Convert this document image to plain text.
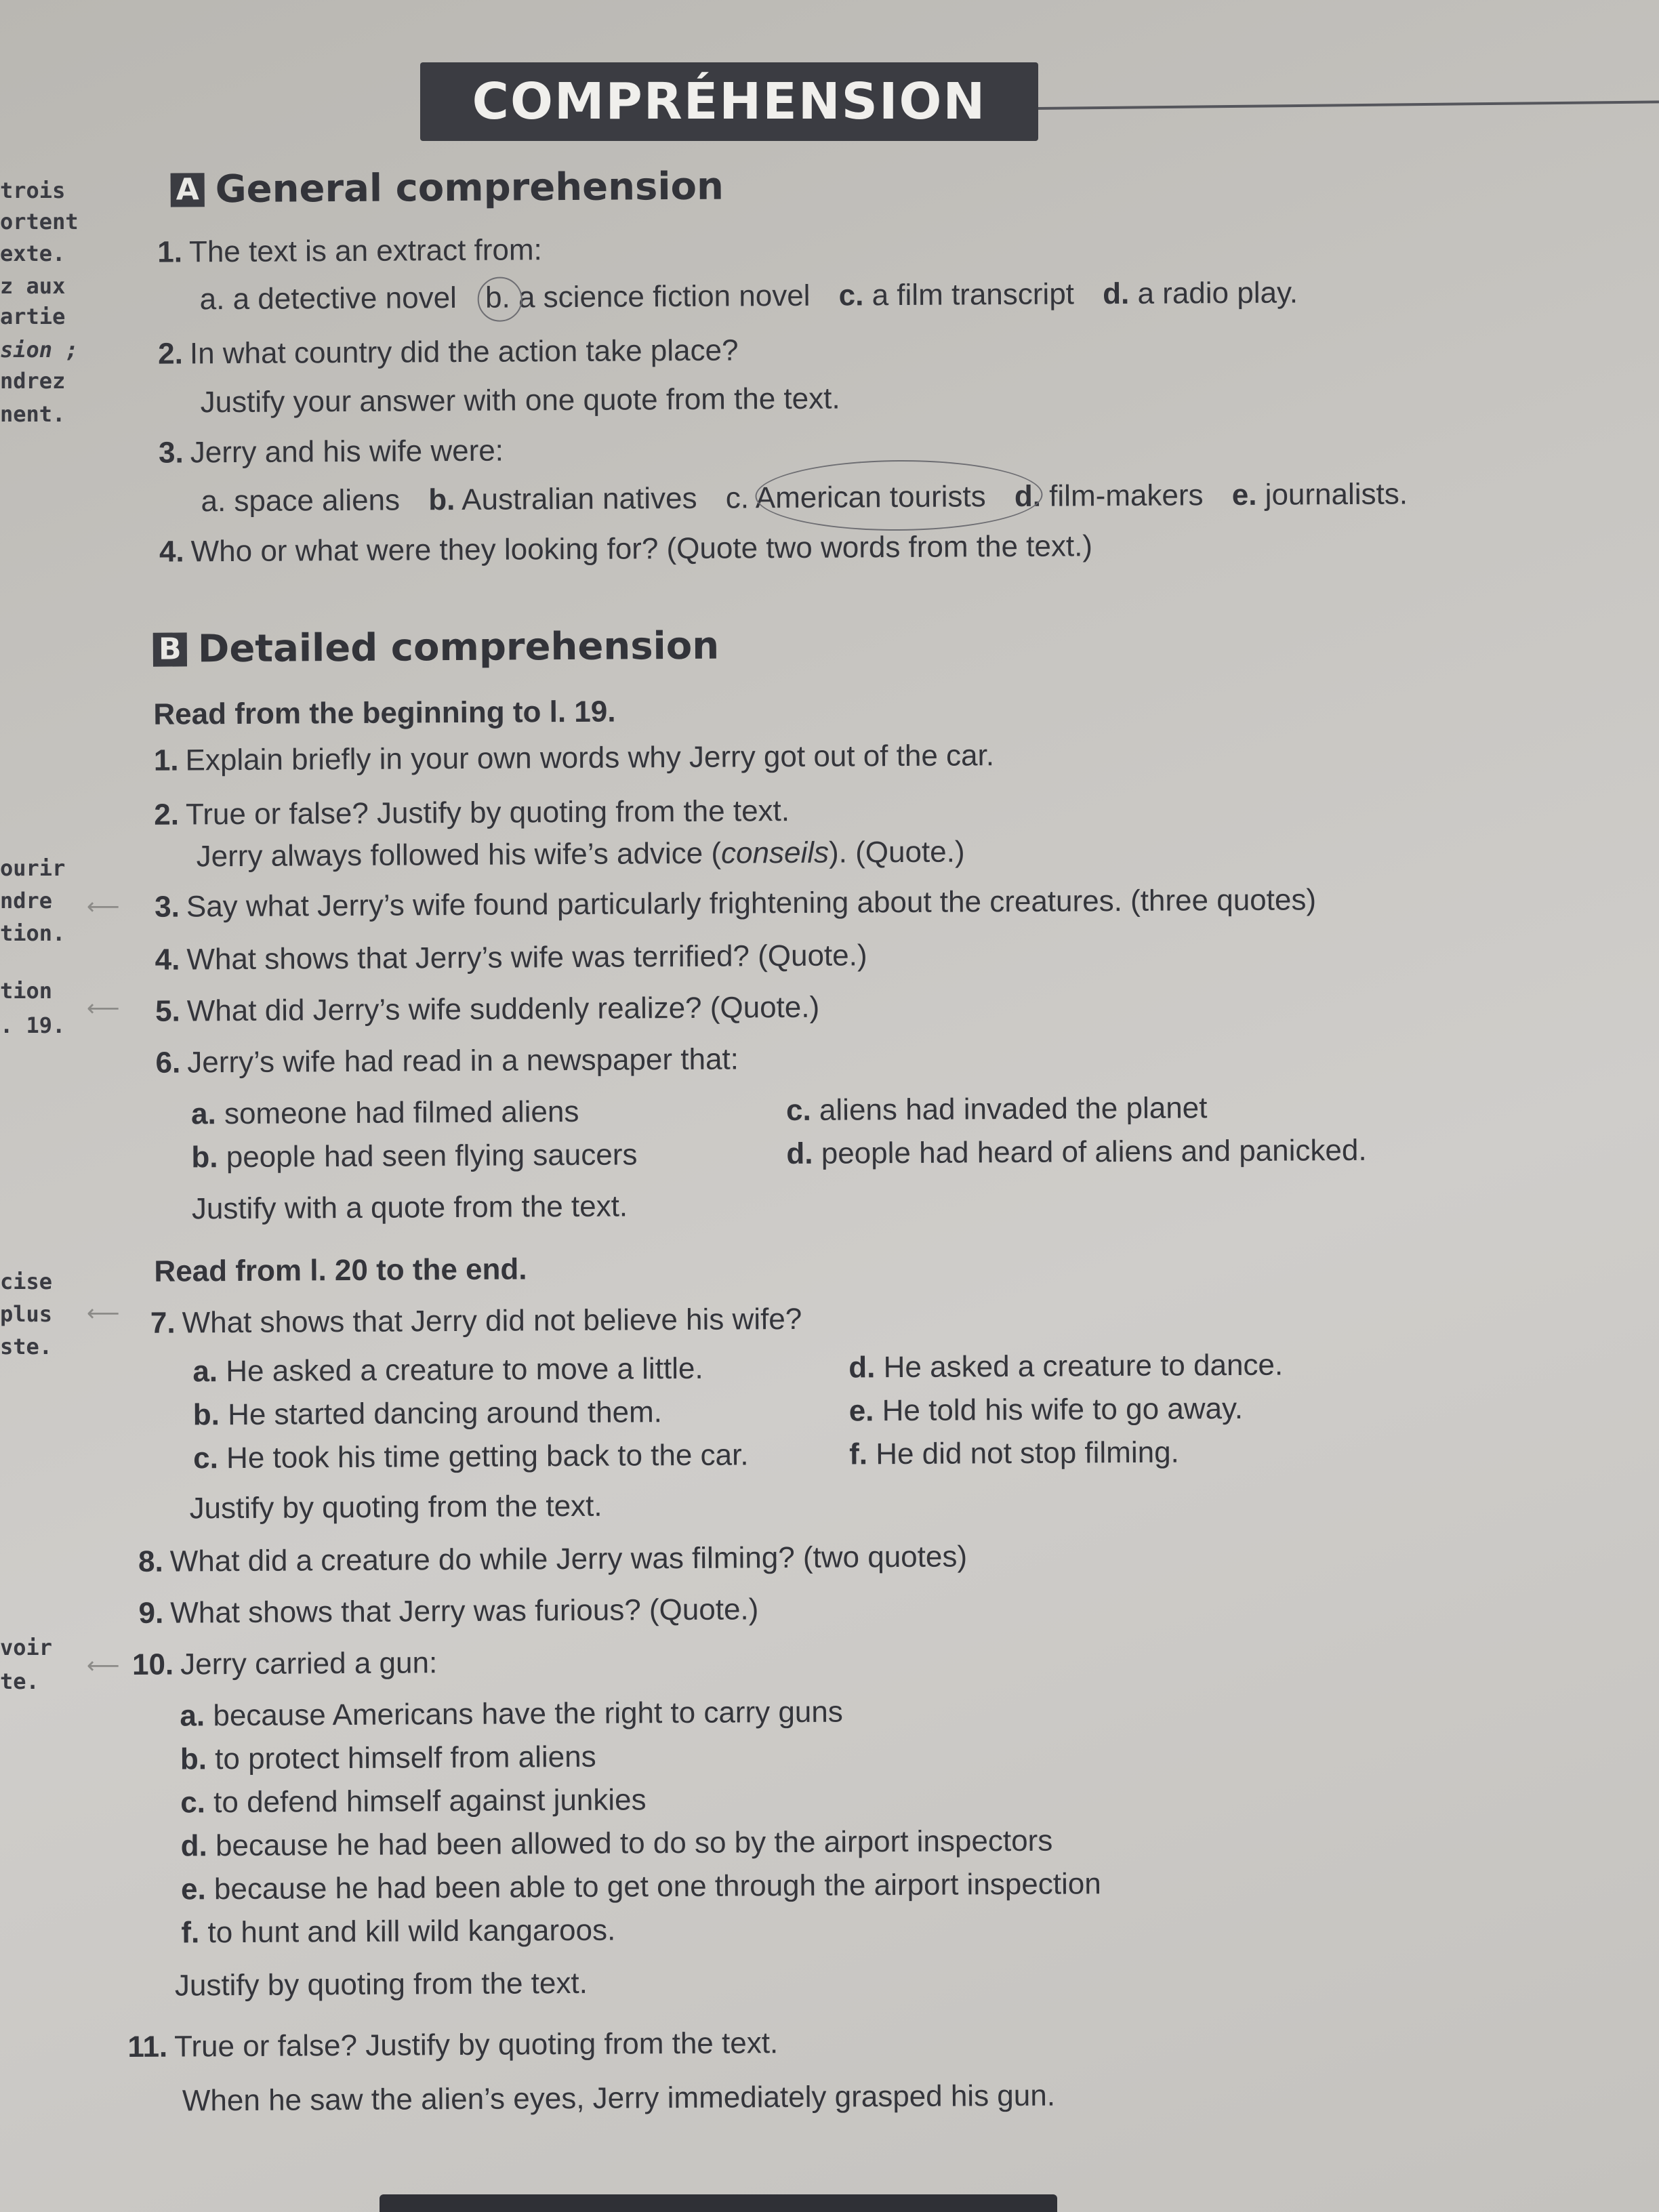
trois
ortent
exte.
z aux
artie
sion ;
ndrez
nent.
ourir
ndre
tion.
tion
. 19.
cise
plus
ste.
voir
te.
⟵
⟵
⟵
⟵
COMPRÉHENSION
A General comprehension
1. The text is an extract from:
a. a detective novel b. a science fiction novel c. a film transcript d. a radio play.
2. In what country did the action take place?
Justify your answer with one quote from the text.
3. Jerry and his wife were:
a. space aliens b. Australian natives c. American tourists d. film-makers e. journalists.
4. Who or what were they looking for? (Quote two words from the text.)
B Detailed comprehension
Read from the beginning to l. 19.
1. Explain briefly in your own words why Jerry got out of the car.
2. True or false? Justify by quoting from the text.
Jerry always followed his wife’s advice (conseils). (Quote.)
3. Say what Jerry’s wife found particularly frightening about the creatures. (three quotes)
4. What shows that Jerry’s wife was terrified? (Quote.)
5. What did Jerry’s wife suddenly realize? (Quote.)
6. Jerry’s wife had read in a newspaper that:
a. someone had filmed aliens
b. people had seen flying saucers
c. aliens had invaded the planet
d. people had heard of aliens and panicked.
Justify with a quote from the text.
Read from l. 20 to the end.
7. What shows that Jerry did not believe his wife?
a. He asked a creature to move a little.
b. He started dancing around them.
c. He took his time getting back to the car.
d. He asked a creature to dance.
e. He told his wife to go away.
f. He did not stop filming.
Justify by quoting from the text.
8. What did a creature do while Jerry was filming? (two quotes)
9. What shows that Jerry was furious? (Quote.)
10. Jerry carried a gun:
a. because Americans have the right to carry guns
b. to protect himself from aliens
c. to defend himself against junkies
d. because he had been allowed to do so by the airport inspectors
e. because he had been able to get one through the airport inspection
f. to hunt and kill wild kangaroos.
Justify by quoting from the text.
11. True or false? Justify by quoting from the text.
When he saw the alien’s eyes, Jerry immediately grasped his gun.
